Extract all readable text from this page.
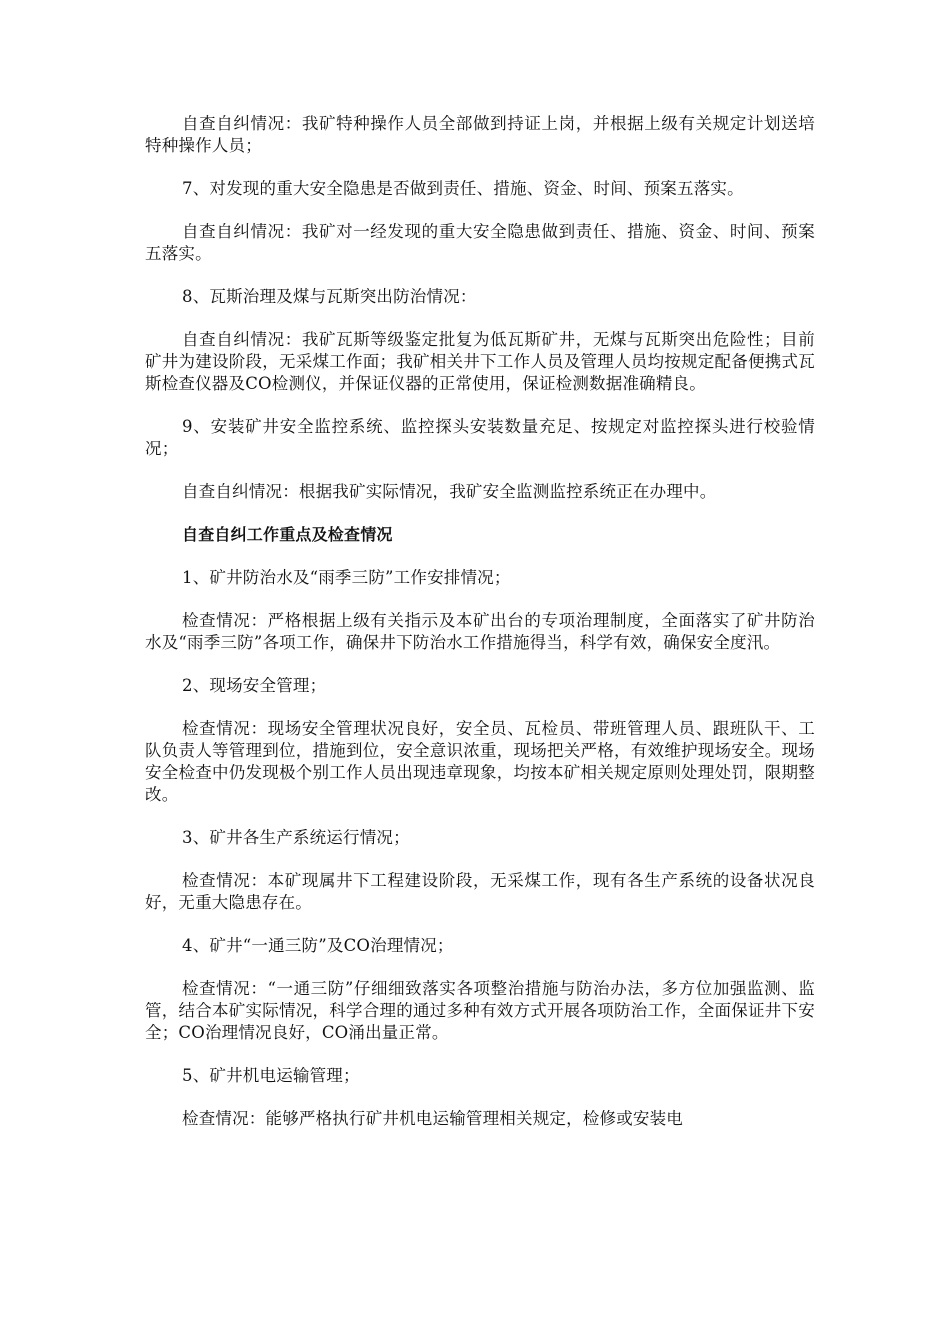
自查自纠情况：我矿特种操作人员全部做到持证上岗，并根据上级有关规定计划送培特种操作人员；

7、对发现的重大安全隐患是否做到责任、措施、资金、时间、预案五落实。

自查自纠情况：我矿对一经发现的重大安全隐患做到责任、措施、资金、时间、预案五落实。

8、瓦斯治理及煤与瓦斯突出防治情况：

自查自纠情况：我矿瓦斯等级鉴定批复为低瓦斯矿井，无煤与瓦斯突出危险性；目前矿井为建设阶段，无采煤工作面；我矿相关井下工作人员及管理人员均按规定配备便携式瓦斯检查仪器及CO检测仪，并保证仪器的正常使用，保证检测数据准确精良。

9、安装矿井安全监控系统、监控探头安装数量充足、按规定对监控探头进行校验情况；

自查自纠情况：根据我矿实际情况，我矿安全监测监控系统正在办理中。

自查自纠工作重点及检查情况

1、矿井防治水及“雨季三防”工作安排情况；

检查情况：严格根据上级有关指示及本矿出台的专项治理制度，全面落实了矿井防治水及“雨季三防”各项工作，确保井下防治水工作措施得当，科学有效，确保安全度汛。

2、现场安全管理；

检查情况：现场安全管理状况良好，安全员、瓦检员、带班管理人员、跟班队干、工队负责人等管理到位，措施到位，安全意识浓重，现场把关严格，有效维护现场安全。现场安全检查中仍发现极个别工作人员出现违章现象，均按本矿相关规定原则处理处罚，限期整改。

3、矿井各生产系统运行情况；

检查情况：本矿现属井下工程建设阶段，无采煤工作，现有各生产系统的设备状况良好，无重大隐患存在。

4、矿井“一通三防”及CO治理情况；

检查情况：“一通三防”仔细细致落实各项整治措施与防治办法，多方位加强监测、监管，结合本矿实际情况，科学合理的通过多种有效方式开展各项防治工作，全面保证井下安全；CO治理情况良好，CO涌出量正常。

5、矿井机电运输管理；

检查情况：能够严格执行矿井机电运输管理相关规定，检修或安装电
